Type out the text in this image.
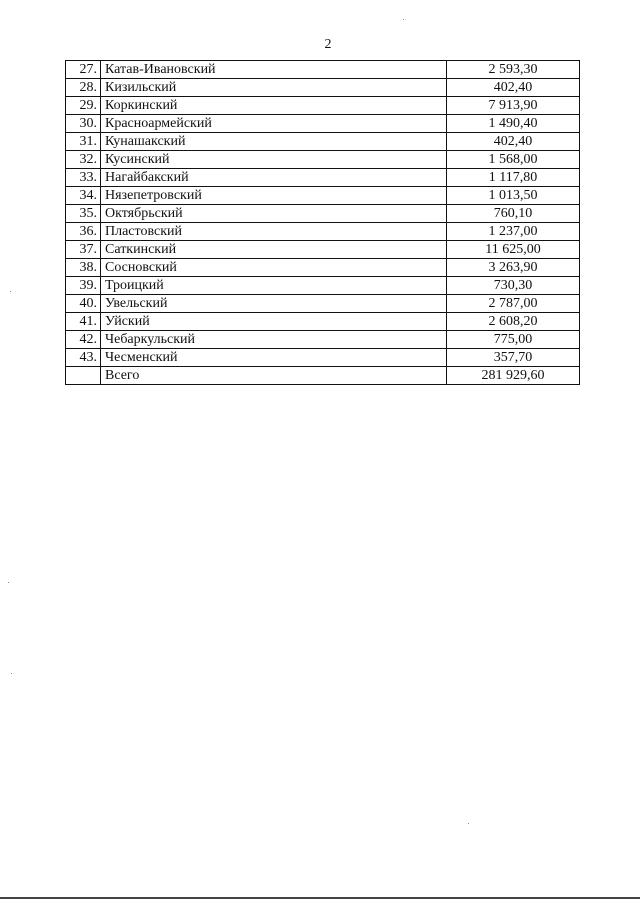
2
27.	Катав-Ивановский	2 593,30
28.	Кизильский	402,40
29.	Коркинский	7 913,90
30.	Красноармейский	1 490,40
31.	Кунашакский	402,40
32.	Кусинский	1 568,00
33.	Нагайбакский	1 117,80
34.	Нязепетровский	1 013,50
35.	Октябрьский	760,10
36.	Пластовский	1 237,00
37.	Саткинский	11 625,00
38.	Сосновский	3 263,90
39.	Троицкий	730,30
40.	Увельский	2 787,00
41.	Уйский	2 608,20
42.	Чебаркульский	775,00
43.	Чесменский	357,70
	Всего	281 929,60
